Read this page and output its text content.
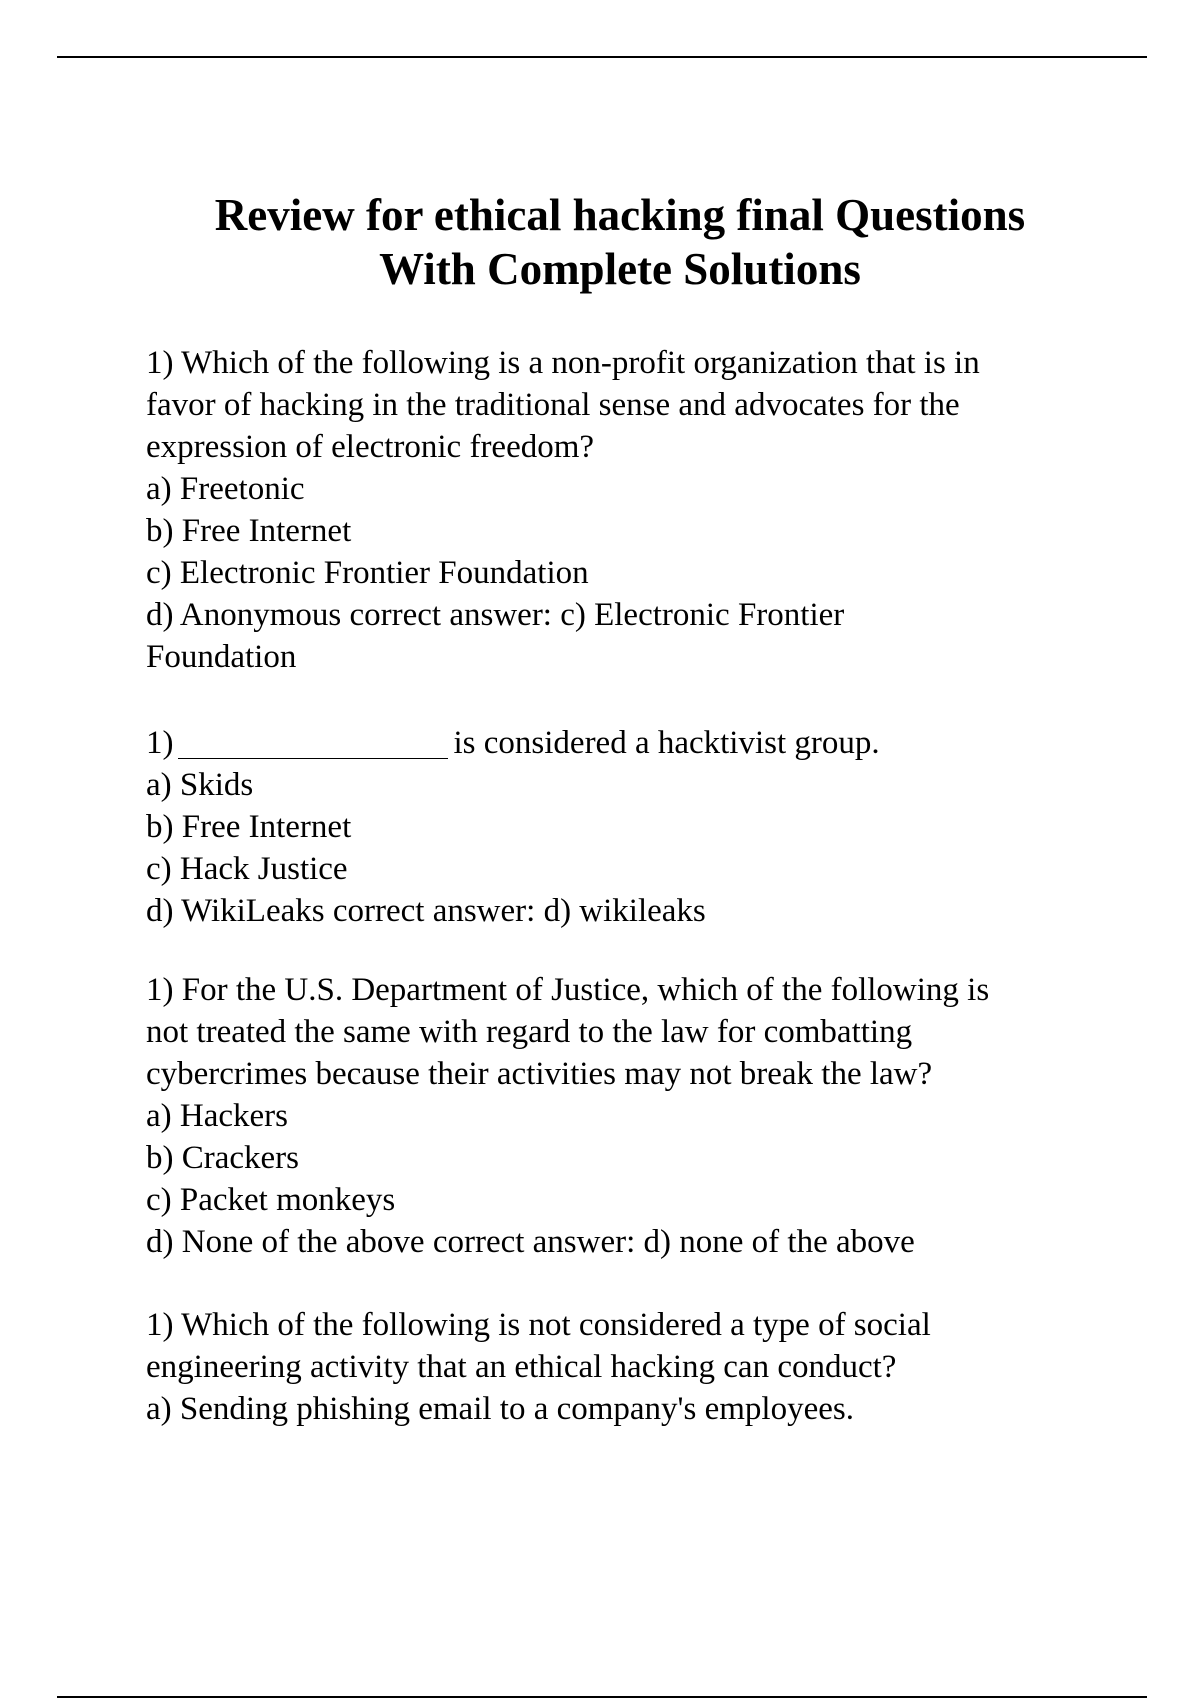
Review for ethical hacking final Questions
With Complete Solutions
1) Which of the following is a non-profit organization that is in
favor of hacking in the traditional sense and advocates for the
expression of electronic freedom?
a) Freetonic
b) Free Internet
c) Electronic Frontier Foundation
d) Anonymous correct answer: c) Electronic Frontier
Foundation
1)	is considered a hacktivist group.
a) Skids
b) Free Internet
c) Hack Justice
d) WikiLeaks correct answer: d) wikileaks
1) For the U.S. Department of Justice, which of the following is
not treated the same with regard to the law for combatting
cybercrimes because their activities may not break the law?
a) Hackers
b) Crackers
c) Packet monkeys
d) None of the above correct answer: d) none of the above
1) Which of the following is not considered a type of social
engineering activity that an ethical hacking can conduct?
a) Sending phishing email to a company's employees.
